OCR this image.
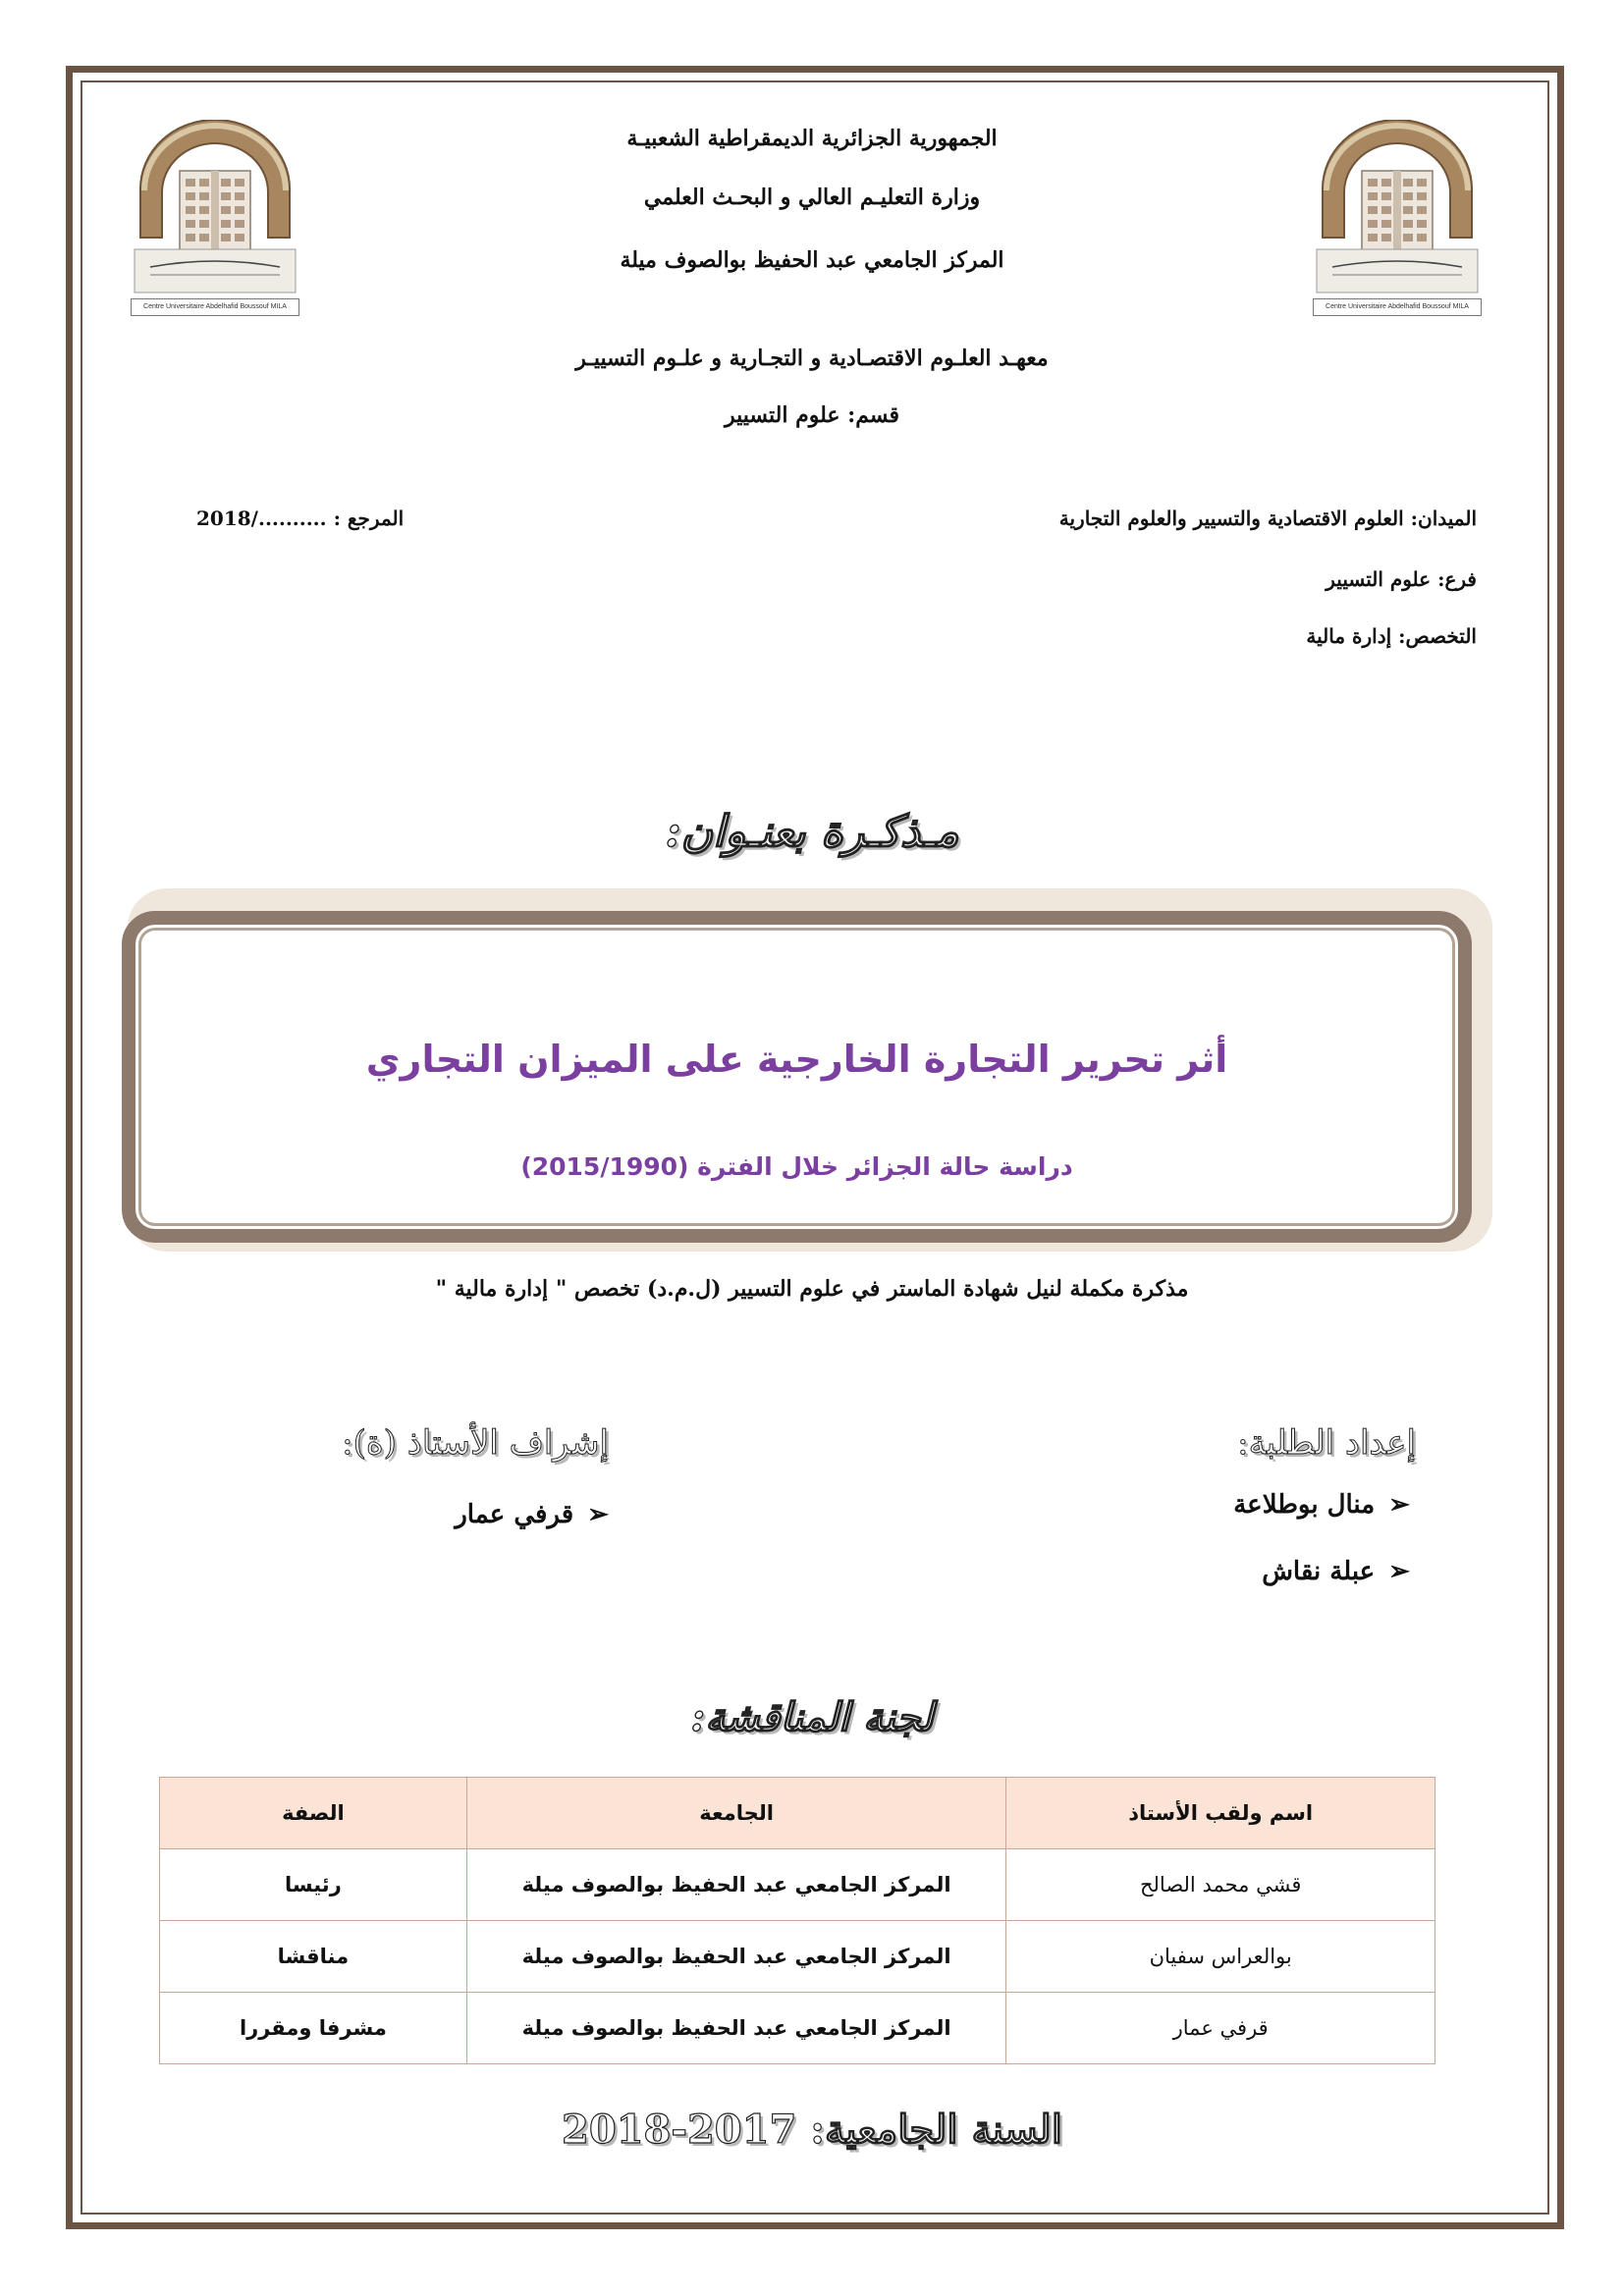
Centre Universitaire Abdelhafid Boussouf MILA	Centre Universitaire Abdelhafid Boussouf MILA
الجمهورية الجزائرية الديمقراطية الشعبيـة
وزارة التعليـم العالي و البحـث العلمي
المركز الجامعي عبد الحفيظ بوالصوف ميلة
معهـد العلـوم الاقتصـادية و التجـارية و علـوم التسييـر
قسم: علوم التسيير
الميدان: العلوم الاقتصادية والتسيير والعلوم التجارية
فرع: علوم التسيير
التخصص: إدارة مالية
المرجع : ........../2018
مـذكـرة بعنـوان:
أثر تحرير التجارة الخارجية على الميزان التجاري
دراسة حالة الجزائر خلال الفترة (2015/1990)
مذكرة مكملة لنيل شهادة الماستر في علوم التسيير (ل.م.د) تخصص " إدارة مالية "
إعداد الطلبة:
➢منال بوطلاعة
➢عبلة نقاش
إشراف الأستاذ (ة):
➢قرفي عمار
لجنة المناقشة:
اسم ولقب الأستاذ	الجامعة	الصفة
قشي محمد الصالح	المركز الجامعي عبد الحفيظ بوالصوف ميلة	رئيسا
بوالعراس سفيان	المركز الجامعي عبد الحفيظ بوالصوف ميلة	مناقشا
قرفي عمار	المركز الجامعي عبد الحفيظ بوالصوف ميلة	مشرفا ومقررا
السنة الجامعية: 2017-2018
